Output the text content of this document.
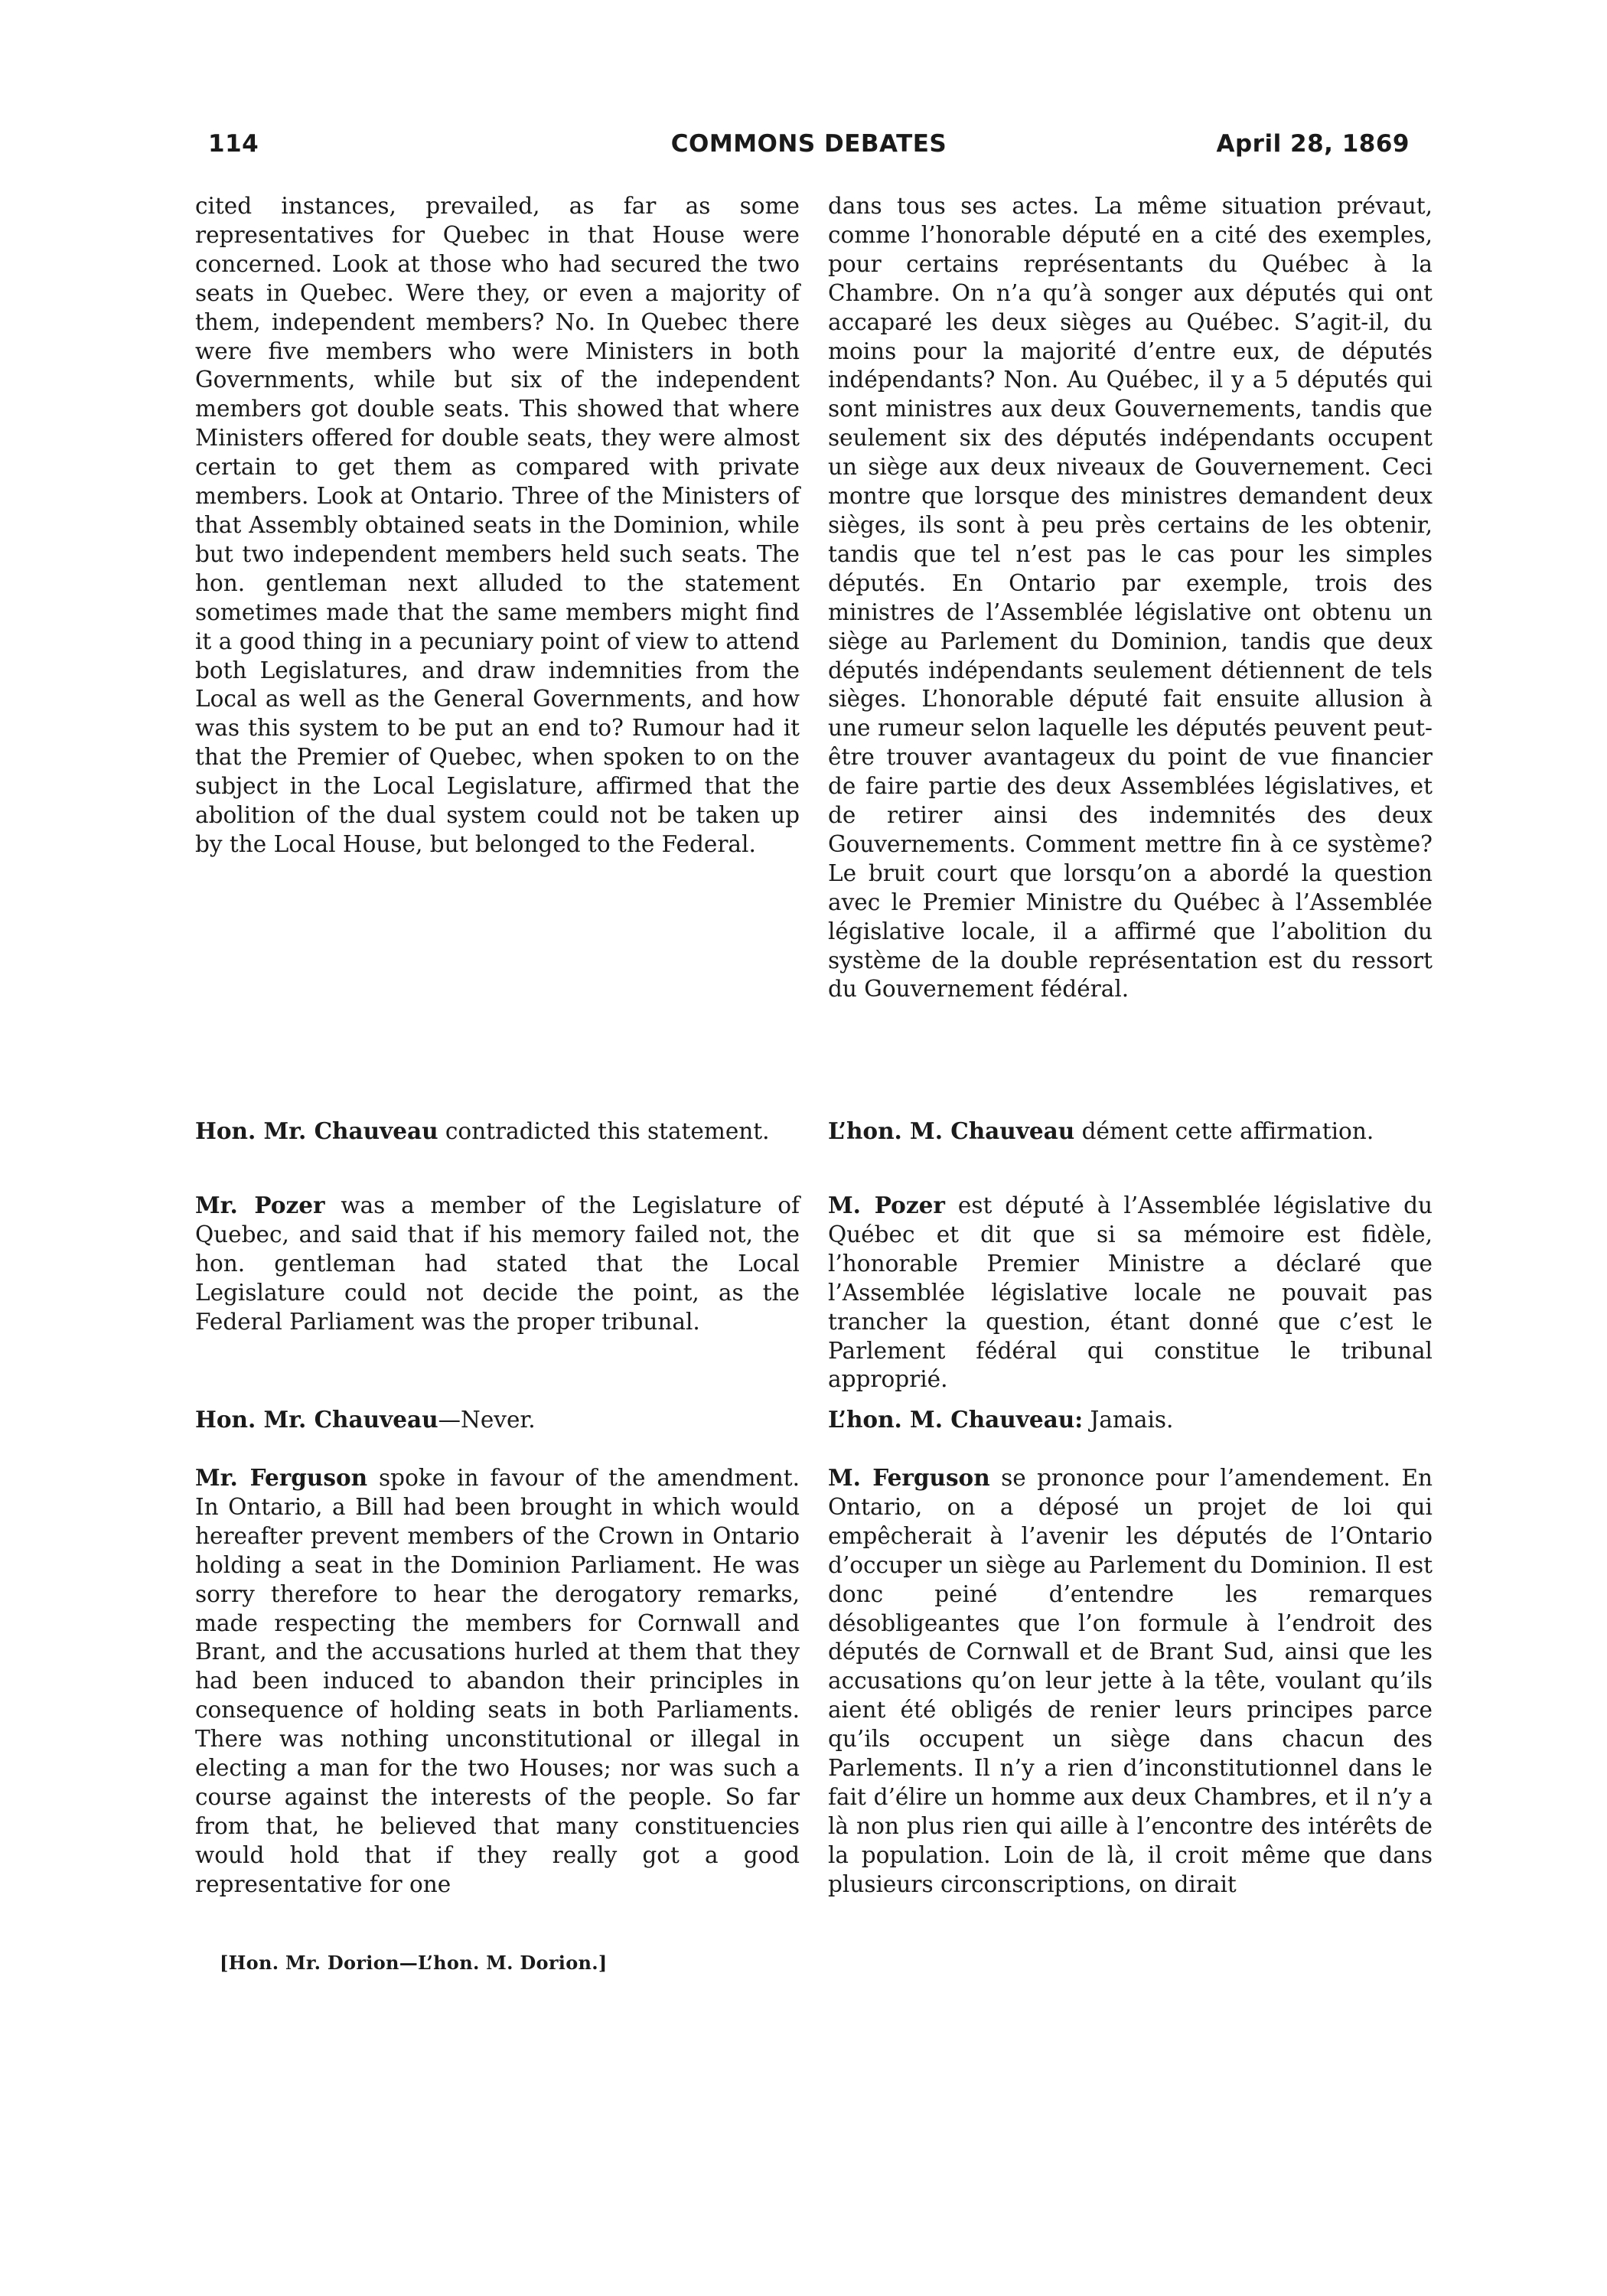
114	COMMONS DEBATES	April 28, 1869

cited instances, prevailed, as far as some representatives for Quebec in that House were concerned. Look at those who had secured the two seats in Quebec. Were they, or even a majority of them, independent members? No. In Quebec there were five members who were Ministers in both Governments, while but six of the independent members got double seats. This showed that where Ministers offered for double seats, they were almost certain to get them as compared with private members. Look at Ontario. Three of the Ministers of that Assembly obtained seats in the Dominion, while but two independent members held such seats. The hon. gentleman next alluded to the statement sometimes made that the same members might find it a good thing in a pecuniary point of view to attend both Legislatures, and draw indemnities from the Local as well as the General Governments, and how was this system to be put an end to? Rumour had it that the Premier of Quebec, when spoken to on the subject in the Local Legislature, affirmed that the abolition of the dual system could not be taken up by the Local House, but belonged to the Federal.

Hon. Mr. Chauveau contradicted this statement.

Mr. Pozer was a member of the Legislature of Quebec, and said that if his memory failed not, the hon. gentleman had stated that the Local Legislature could not decide the point, as the Federal Parliament was the proper tribunal.

Hon. Mr. Chauveau—Never.

Mr. Ferguson spoke in favour of the amendment. In Ontario, a Bill had been brought in which would hereafter prevent members of the Crown in Ontario holding a seat in the Dominion Parliament. He was sorry therefore to hear the derogatory remarks, made respecting the members for Cornwall and Brant, and the accusations hurled at them that they had been induced to abandon their principles in consequence of holding seats in both Parliaments. There was nothing unconstitutional or illegal in electing a man for the two Houses; nor was such a course against the interests of the people. So far from that, he believed that many constituencies would hold that if they really got a good representative for one

dans tous ses actes. La même situation prévaut, comme l’honorable député en a cité des exemples, pour certains représentants du Québec à la Chambre. On n’a qu’à songer aux députés qui ont accaparé les deux sièges au Québec. S’agit-il, du moins pour la majorité d’entre eux, de députés indépendants? Non. Au Québec, il y a 5 députés qui sont ministres aux deux Gouvernements, tandis que seulement six des députés indépendants occupent un siège aux deux niveaux de Gouvernement. Ceci montre que lorsque des ministres demandent deux sièges, ils sont à peu près certains de les obtenir, tandis que tel n’est pas le cas pour les simples députés. En Ontario par exemple, trois des ministres de l’Assemblée législative ont obtenu un siège au Parlement du Dominion, tandis que deux députés indépendants seulement détiennent de tels sièges. L’honorable député fait ensuite allusion à une rumeur selon laquelle les députés peuvent peut-être trouver avantageux du point de vue financier de faire partie des deux Assemblées législatives, et de retirer ainsi des indemnités des deux Gouvernements. Comment mettre fin à ce système? Le bruit court que lorsqu’on a abordé la question avec le Premier Ministre du Québec à l’Assemblée législative locale, il a affirmé que l’abolition du système de la double représentation est du ressort du Gouvernement fédéral.

L’hon. M. Chauveau dément cette affirmation.

M. Pozer est député à l’Assemblée législative du Québec et dit que si sa mémoire est fidèle, l’honorable Premier Ministre a déclaré que l’Assemblée législative locale ne pouvait pas trancher la question, étant donné que c’est le Parlement fédéral qui constitue le tribunal approprié.

L’hon. M. Chauveau: Jamais.

M. Ferguson se prononce pour l’amendement. En Ontario, on a déposé un projet de loi qui empêcherait à l’avenir les députés de l’Ontario d’occuper un siège au Parlement du Dominion. Il est donc peiné d’entendre les remarques désobligeantes que l’on formule à l’endroit des députés de Cornwall et de Brant Sud, ainsi que les accusations qu’on leur jette à la tête, voulant qu’ils aient été obligés de renier leurs principes parce qu’ils occupent un siège dans chacun des Parlements. Il n’y a rien d’inconstitutionnel dans le fait d’élire un homme aux deux Chambres, et il n’y a là non plus rien qui aille à l’encontre des intérêts de la population. Loin de là, il croit même que dans plusieurs circonscriptions, on dirait

[Hon. Mr. Dorion—L’hon. M. Dorion.]
